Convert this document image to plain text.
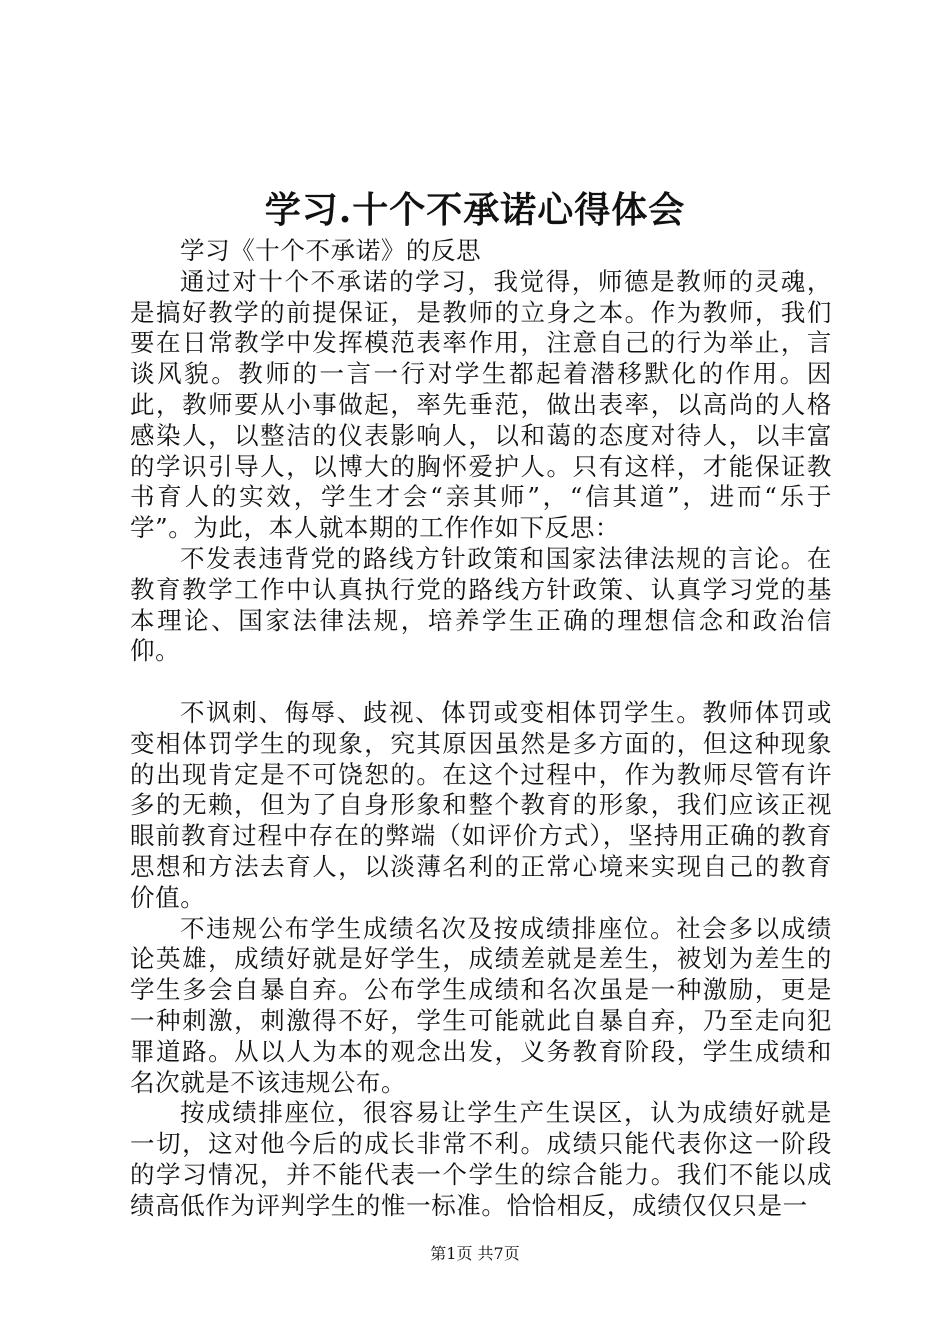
学习.十个不承诺心得体会

学习《十个不承诺》的反思

通过对十个不承诺的学习，我觉得，师德是教师的灵魂，是搞好教学的前提保证，是教师的立身之本。作为教师，我们要在日常教学中发挥模范表率作用，注意自己的行为举止，言谈风貌。教师的一言一行对学生都起着潜移默化的作用。因此，教师要从小事做起，率先垂范，做出表率，以高尚的人格感染人，以整洁的仪表影响人，以和蔼的态度对待人，以丰富的学识引导人，以博大的胸怀爱护人。只有这样，才能保证教书育人的实效，学生才会“亲其师”，“信其道”，进而“乐于学”。为此，本人就本期的工作作如下反思：

不发表违背党的路线方针政策和国家法律法规的言论。在教育教学工作中认真执行党的路线方针政策、认真学习党的基本理论、国家法律法规，培养学生正确的理想信念和政治信仰。

不讽刺、侮辱、歧视、体罚或变相体罚学生。教师体罚或变相体罚学生的现象，究其原因虽然是多方面的，但这种现象的出现肯定是不可饶恕的。在这个过程中，作为教师尽管有许多的无赖，但为了自身形象和整个教育的形象，我们应该正视眼前教育过程中存在的弊端（如评价方式），坚持用正确的教育思想和方法去育人，以淡薄名利的正常心境来实现自己的教育价值。

不违规公布学生成绩名次及按成绩排座位。社会多以成绩论英雄，成绩好就是好学生，成绩差就是差生，被划为差生的学生多会自暴自弃。公布学生成绩和名次虽是一种激励，更是一种刺激，刺激得不好，学生可能就此自暴自弃，乃至走向犯罪道路。从以人为本的观念出发，义务教育阶段，学生成绩和名次就是不该违规公布。

按成绩排座位，很容易让学生产生误区，认为成绩好就是一切，这对他今后的成长非常不利。成绩只能代表你这一阶段的学习情况，并不能代表一个学生的综合能力。我们不能以成绩高低作为评判学生的惟一标准。恰恰相反，成绩仅仅只是一

第1页 共7页
